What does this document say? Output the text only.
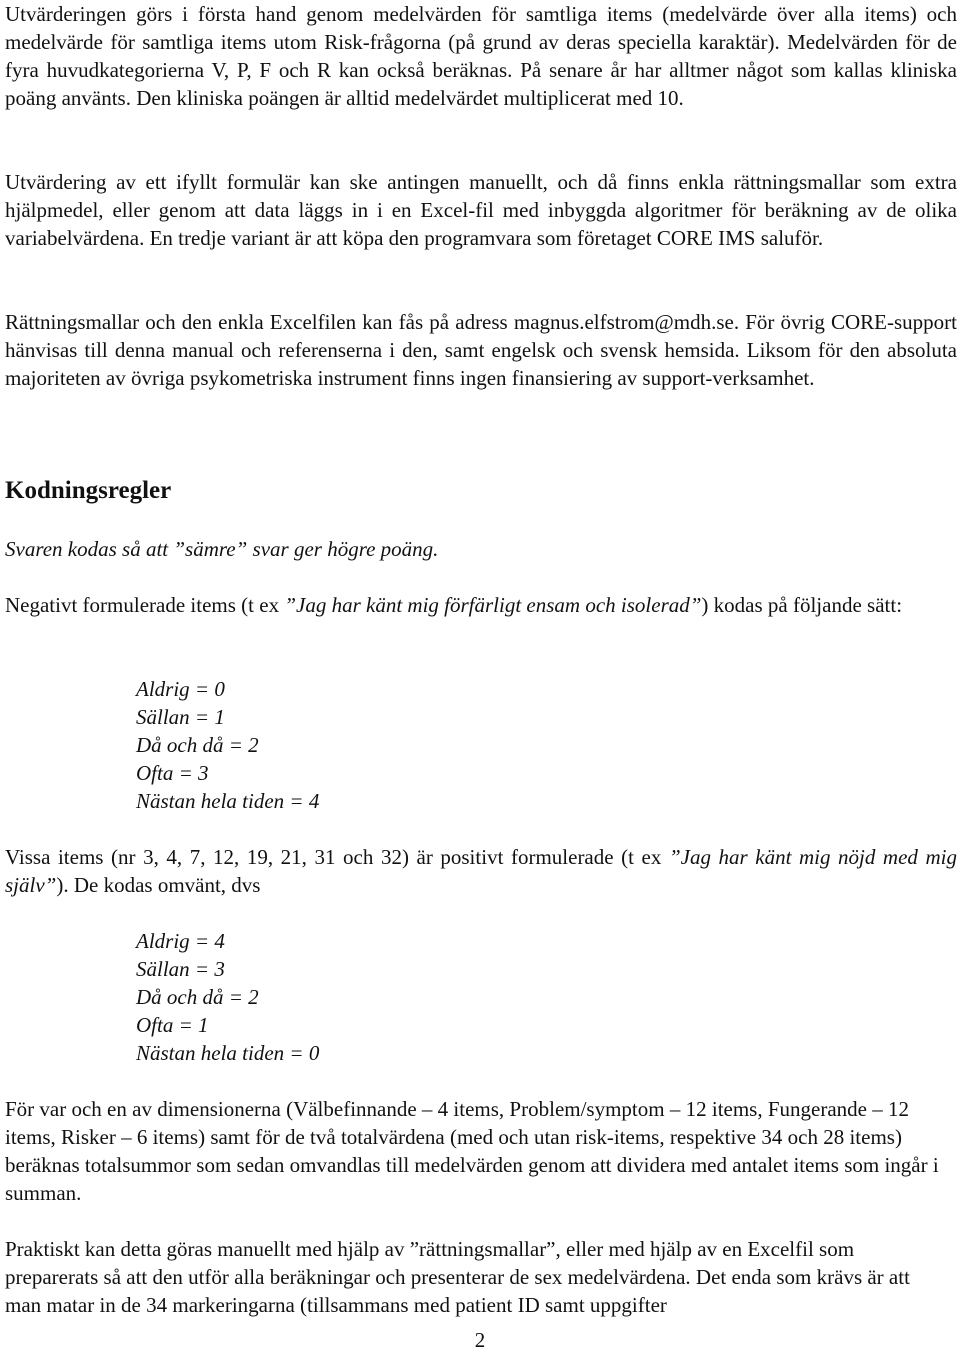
Utvärderingen görs i första hand genom medelvärden för samtliga items (medelvärde över alla items) och medelvärde för samtliga items utom Risk-frågorna (på grund av deras speciella karaktär). Medelvärden för de fyra huvudkategorierna V, P, F och R kan också beräknas. På senare år har alltmer något som kallas kliniska poäng använts. Den kliniska poängen är alltid medelvärdet multiplicerat med 10.

Utvärdering av ett ifyllt formulär kan ske antingen manuellt, och då finns enkla rättningsmallar som extra hjälpmedel, eller genom att data läggs in i en Excel-fil med inbyggda algoritmer för beräkning av de olika variabelvärdena. En tredje variant är att köpa den programvara som företaget CORE IMS saluför.

Rättningsmallar och den enkla Excelfilen kan fås på adress magnus.elfstrom@mdh.se. För övrig CORE-support hänvisas till denna manual och referenserna i den, samt engelsk och svensk hemsida. Liksom för den absoluta majoriteten av övriga psykometriska instrument finns ingen finansiering av support-verksamhet.

Kodningsregler

Svaren kodas så att ”sämre” svar ger högre poäng.

Negativt formulerade items (t ex ”Jag har känt mig förfärligt ensam och isolerad”) kodas på följande sätt:

Aldrig = 0
Sällan = 1
Då och då = 2
Ofta = 3
Nästan hela tiden = 4

Vissa items (nr 3, 4, 7, 12, 19, 21, 31 och 32) är positivt formulerade (t ex ”Jag har känt mig nöjd med mig själv”). De kodas omvänt, dvs

Aldrig = 4
Sällan = 3
Då och då = 2
Ofta = 1
Nästan hela tiden = 0

För var och en av dimensionerna (Välbefinnande – 4 items, Problem/symptom – 12 items, Fungerande – 12 items, Risker – 6 items) samt för de två totalvärdena (med och utan risk-items, respektive 34 och 28 items) beräknas totalsummor som sedan omvandlas till medelvärden genom att dividera med antalet items som ingår i summan.

Praktiskt kan detta göras manuellt med hjälp av ”rättningsmallar”, eller med hjälp av en Excelfil som preparerats så att den utför alla beräkningar och presenterar de sex medelvärdena. Det enda som krävs är att man matar in de 34 markeringarna (tillsammans med patient ID samt uppgifter

2
